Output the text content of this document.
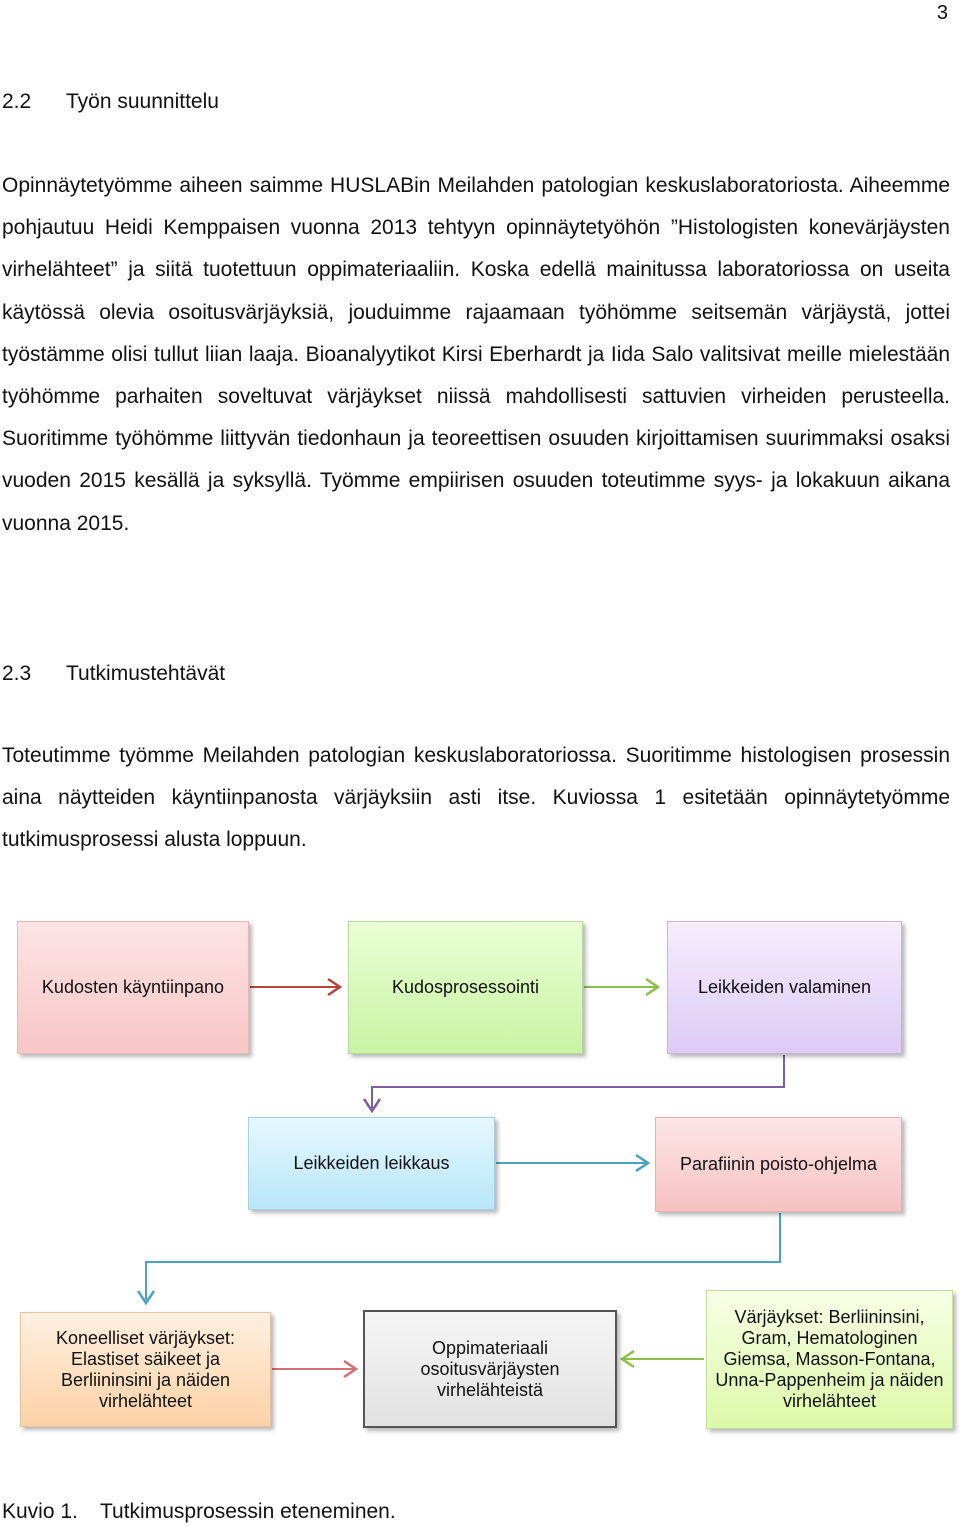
3
2.2 Työn suunnittelu

Opinnäytetyömme aiheen saimme HUSLABin Meilahden patologian keskuslaboratoriosta. Aiheemme pohjautuu Heidi Kemppaisen vuonna 2013 tehtyyn opinnäytetyöhön ”Histologisten konevärjäysten virhelähteet” ja siitä tuotettuun oppimateriaaliin. Koska edellä mainitussa laboratoriossa on useita käytössä olevia osoitusvärjäyksiä, jouduimme rajaamaan työhömme seitsemän värjäystä, jottei työstämme olisi tullut liian laaja. Bioanalyytikot Kirsi Eberhardt ja Iida Salo valitsivat meille mielestään työhömme parhaiten soveltuvat värjäykset niissä mahdollisesti sattuvien virheiden perusteella. Suoritimme työhömme liittyvän tiedonhaun ja teoreettisen osuuden kirjoittamisen suurimmaksi osaksi vuoden 2015 kesällä ja syksyllä. Työmme empiirisen osuuden toteutimme syys- ja lokakuun aikana vuonna 2015.

2.3 Tutkimustehtävät

Toteutimme työmme Meilahden patologian keskuslaboratoriossa. Suoritimme histologisen prosessin aina näytteiden käyntiinpanosta värjäyksiin asti itse. Kuviossa 1 esitetään opinnäytetyömme tutkimusprosessi alusta loppuun.

Kudosten käyntiinpano	Kudosprosessointi	Leikkeiden valaminen
Leikkeiden leikkaus	Parafiinin poisto-ohjelma
Koneelliset värjäykset: Elastiset säikeet ja Berliininsini ja näiden virhelähteet
Oppimateriaali osoitusvärjäysten virhelähteistä
Värjäykset: Berliininsini, Gram, Hematologinen Giemsa, Masson-Fontana, Unna-Pappenheim ja näiden virhelähteet
Kuvio 1. Tutkimusprosessin eteneminen.
